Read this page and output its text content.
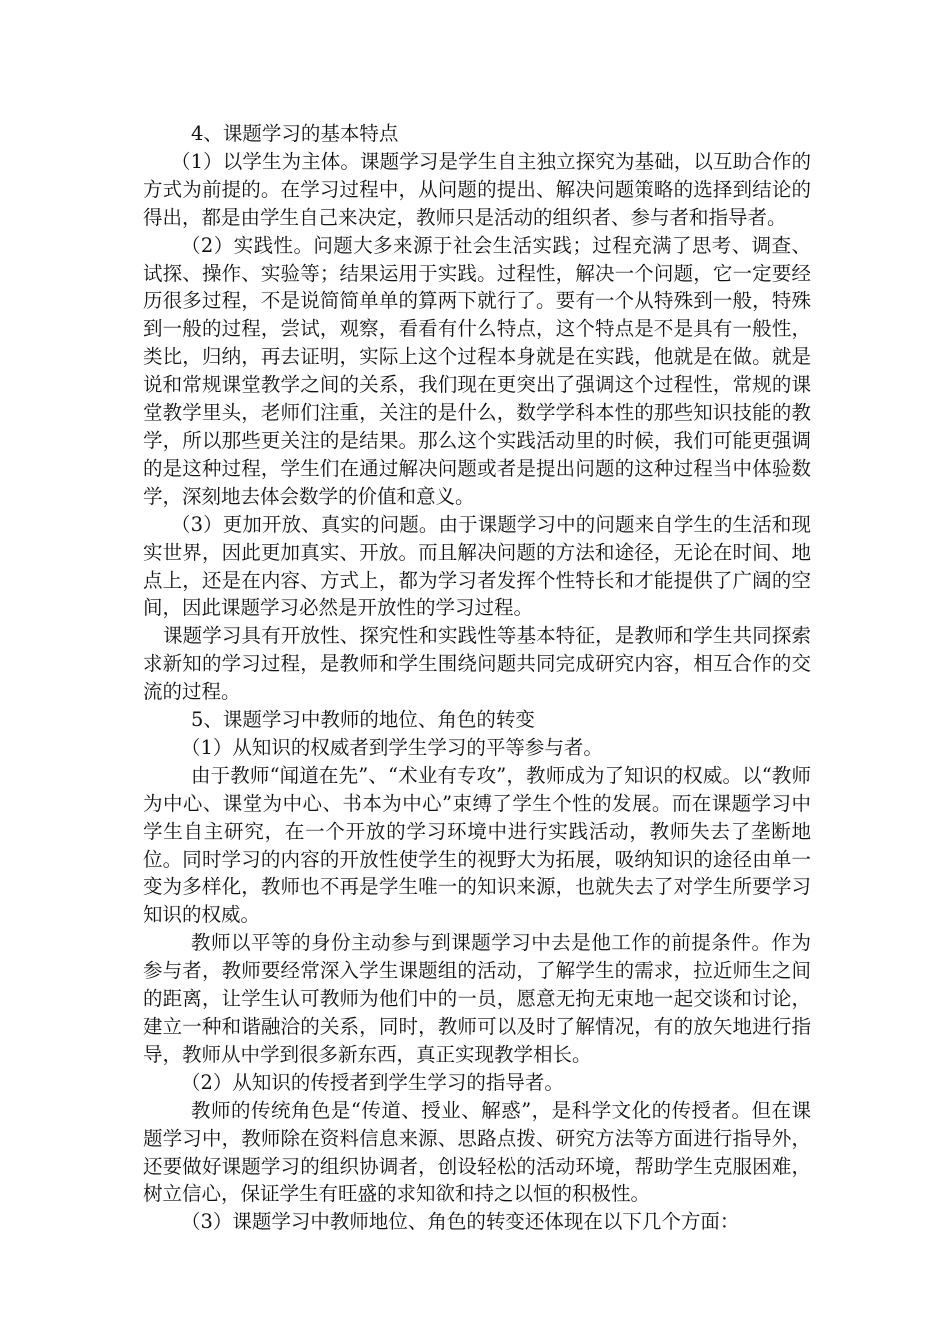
4、课题学习的基本特点

（1）以学生为主体。课题学习是学生自主独立探究为基础，以互助合作的方式为前提的。在学习过程中，从问题的提出、解决问题策略的选择到结论的得出，都是由学生自己来决定，教师只是活动的组织者、参与者和指导者。

（2）实践性。问题大多来源于社会生活实践；过程充满了思考、调查、试探、操作、实验等；结果运用于实践。过程性，解决一个问题，它一定要经历很多过程，不是说简简单单的算两下就行了。要有一个从特殊到一般，特殊到一般的过程，尝试，观察，看看有什么特点，这个特点是不是具有一般性，类比，归纳，再去证明，实际上这个过程本身就是在实践，他就是在做。就是说和常规课堂教学之间的关系，我们现在更突出了强调这个过程性，常规的课堂教学里头，老师们注重，关注的是什么，数学学科本性的那些知识技能的教学，所以那些更关注的是结果。那么这个实践活动里的时候，我们可能更强调的是这种过程，学生们在通过解决问题或者是提出问题的这种过程当中体验数学，深刻地去体会数学的价值和意义。

（3）更加开放、真实的问题。由于课题学习中的问题来自学生的生活和现实世界，因此更加真实、开放。而且解决问题的方法和途径，无论在时间、地点上，还是在内容、方式上，都为学习者发挥个性特长和才能提供了广阔的空间，因此课题学习必然是开放性的学习过程。

课题学习具有开放性、探究性和实践性等基本特征，是教师和学生共同探索求新知的学习过程，是教师和学生围绕问题共同完成研究内容，相互合作的交流的过程。

5、课题学习中教师的地位、角色的转变

（1）从知识的权威者到学生学习的平等参与者。

由于教师“闻道在先”、“术业有专攻”，教师成为了知识的权威。以“教师为中心、课堂为中心、书本为中心”束缚了学生个性的发展。而在课题学习中学生自主研究，在一个开放的学习环境中进行实践活动，教师失去了垄断地位。同时学习的内容的开放性使学生的视野大为拓展，吸纳知识的途径由单一变为多样化，教师也不再是学生唯一的知识来源，也就失去了对学生所要学习知识的权威。

教师以平等的身份主动参与到课题学习中去是他工作的前提条件。作为参与者，教师要经常深入学生课题组的活动，了解学生的需求，拉近师生之间的距离，让学生认可教师为他们中的一员，愿意无拘无束地一起交谈和讨论，建立一种和谐融洽的关系，同时，教师可以及时了解情况，有的放矢地进行指导，教师从中学到很多新东西，真正实现教学相长。

（2）从知识的传授者到学生学习的指导者。

教师的传统角色是“传道、授业、解惑”，是科学文化的传授者。但在课题学习中，教师除在资料信息来源、思路点拨、研究方法等方面进行指导外，还要做好课题学习的组织协调者，创设轻松的活动环境，帮助学生克服困难，树立信心，保证学生有旺盛的求知欲和持之以恒的积极性。

（3）课题学习中教师地位、角色的转变还体现在以下几个方面：
